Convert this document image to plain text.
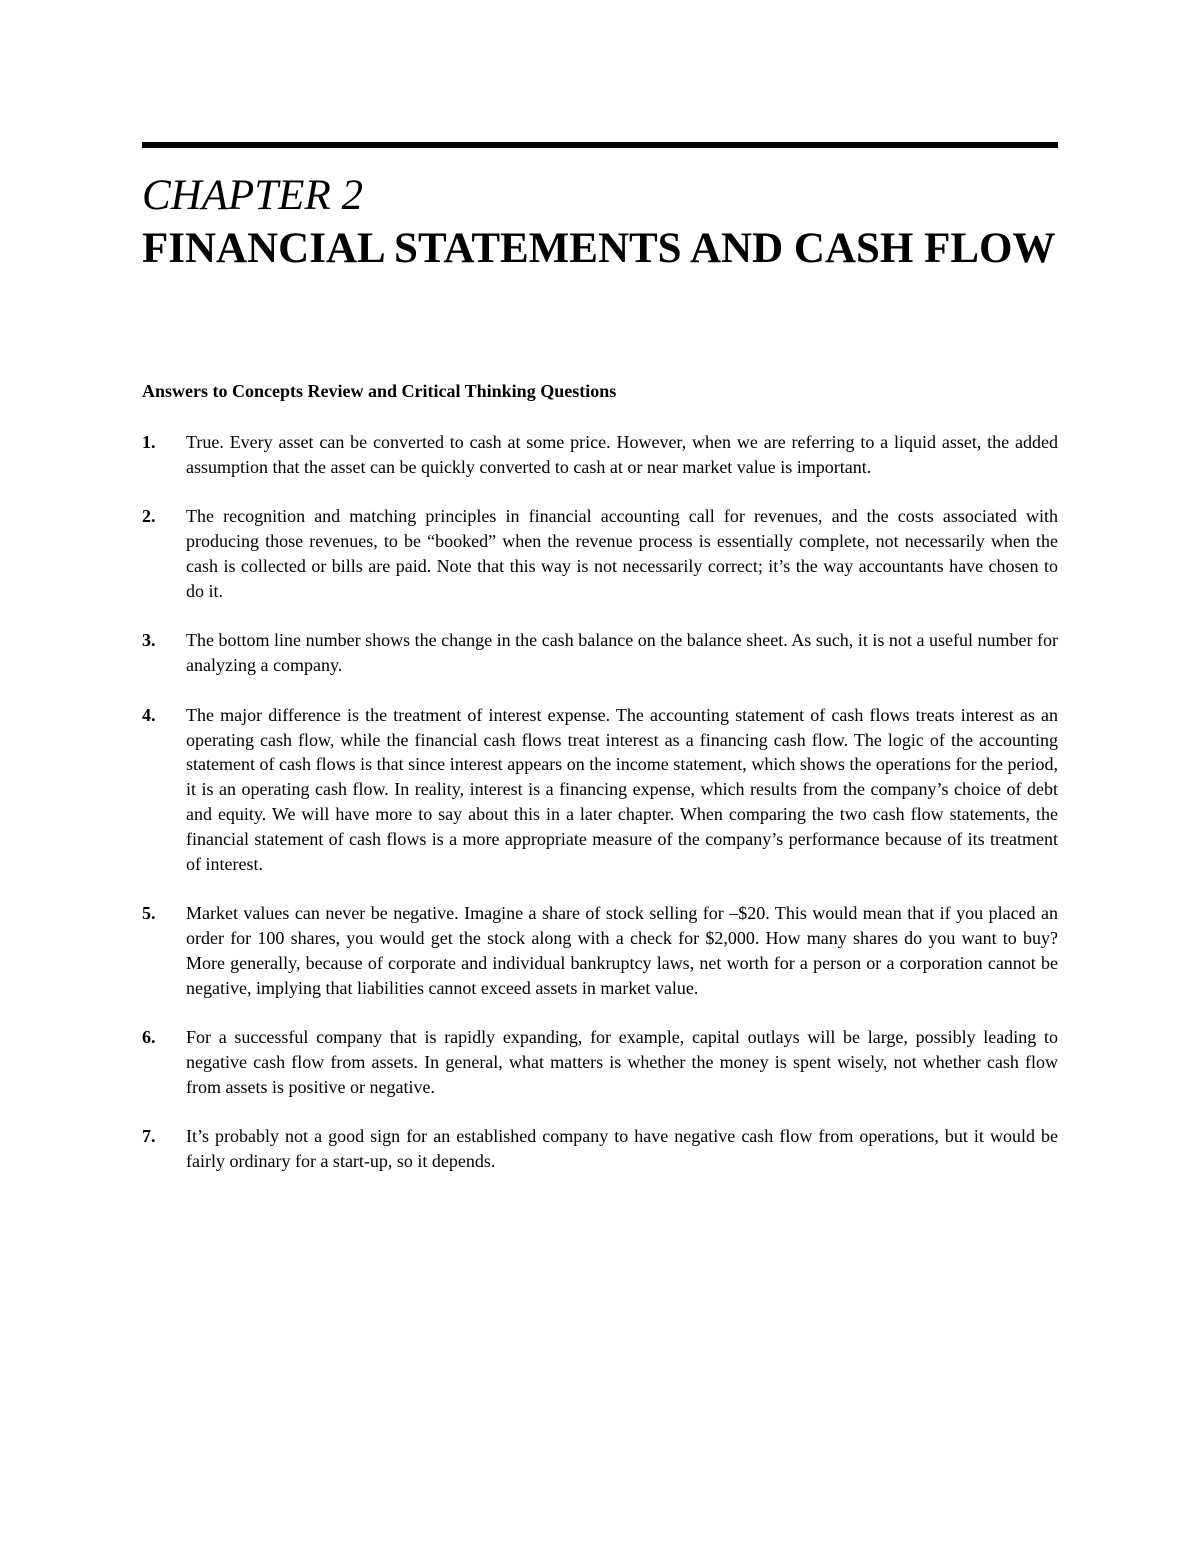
CHAPTER 2
FINANCIAL STATEMENTS AND CASH FLOW
Answers to Concepts Review and Critical Thinking Questions
1. True. Every asset can be converted to cash at some price. However, when we are referring to a liquid asset, the added assumption that the asset can be quickly converted to cash at or near market value is important.
2. The recognition and matching principles in financial accounting call for revenues, and the costs associated with producing those revenues, to be “booked” when the revenue process is essentially complete, not necessarily when the cash is collected or bills are paid. Note that this way is not necessarily correct; it’s the way accountants have chosen to do it.
3. The bottom line number shows the change in the cash balance on the balance sheet. As such, it is not a useful number for analyzing a company.
4. The major difference is the treatment of interest expense. The accounting statement of cash flows treats interest as an operating cash flow, while the financial cash flows treat interest as a financing cash flow. The logic of the accounting statement of cash flows is that since interest appears on the income statement, which shows the operations for the period, it is an operating cash flow. In reality, interest is a financing expense, which results from the company’s choice of debt and equity. We will have more to say about this in a later chapter. When comparing the two cash flow statements, the financial statement of cash flows is a more appropriate measure of the company’s performance because of its treatment of interest.
5. Market values can never be negative. Imagine a share of stock selling for –$20. This would mean that if you placed an order for 100 shares, you would get the stock along with a check for $2,000. How many shares do you want to buy? More generally, because of corporate and individual bankruptcy laws, net worth for a person or a corporation cannot be negative, implying that liabilities cannot exceed assets in market value.
6. For a successful company that is rapidly expanding, for example, capital outlays will be large, possibly leading to negative cash flow from assets. In general, what matters is whether the money is spent wisely, not whether cash flow from assets is positive or negative.
7. It’s probably not a good sign for an established company to have negative cash flow from operations, but it would be fairly ordinary for a start-up, so it depends.
